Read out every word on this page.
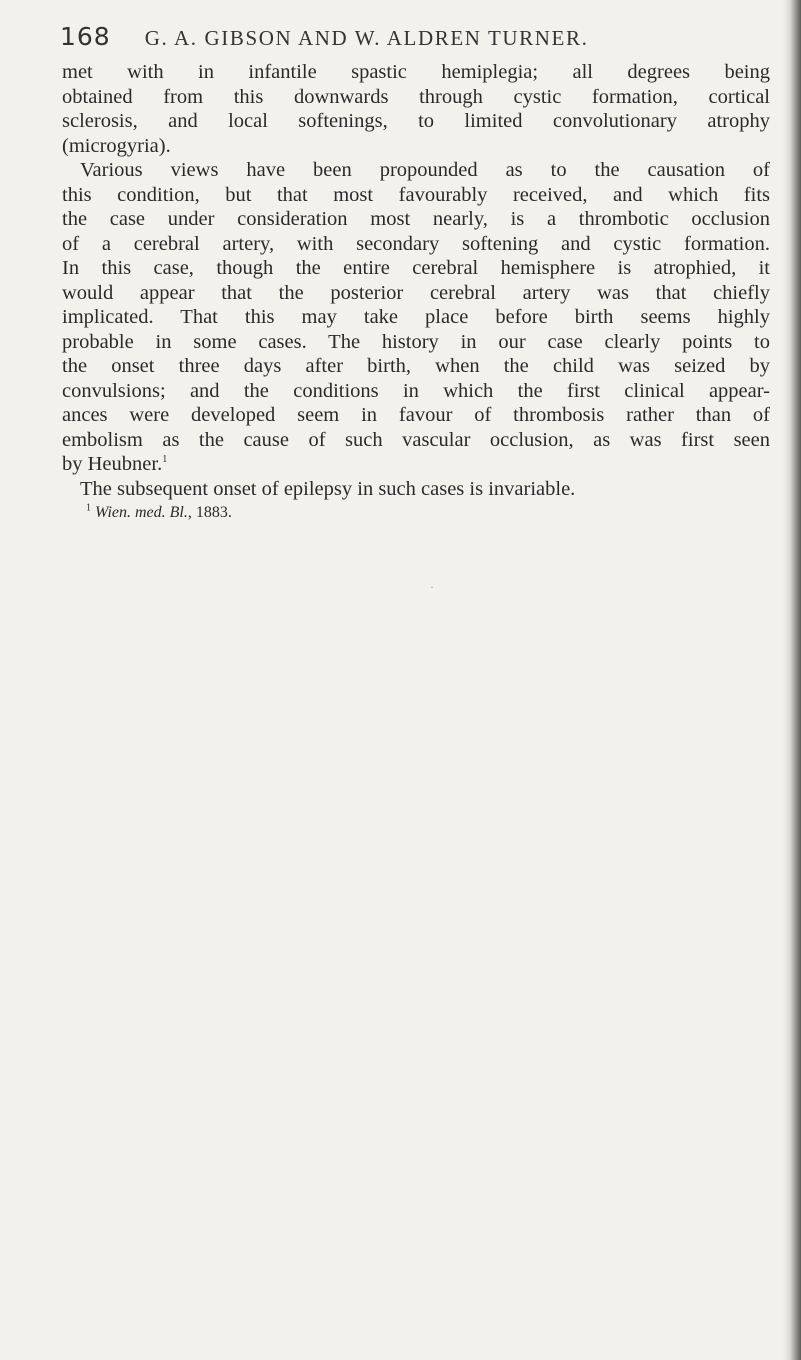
168 G. A. GIBSON AND W. ALDREN TURNER.
met with in infantile spastic hemiplegia; all degrees being
obtained from this downwards through cystic formation, cortical
sclerosis, and local softenings, to limited convolutionary atrophy
(microgyria).
Various views have been propounded as to the causation of
this condition, but that most favourably received, and which fits
the case under consideration most nearly, is a thrombotic occlusion
of a cerebral artery, with secondary softening and cystic formation.
In this case, though the entire cerebral hemisphere is atrophied, it
would appear that the posterior cerebral artery was that chiefly
implicated. That this may take place before birth seems highly
probable in some cases. The history in our case clearly points to
the onset three days after birth, when the child was seized by
convulsions; and the conditions in which the first clinical appear-
ances were developed seem in favour of thrombosis rather than of
embolism as the cause of such vascular occlusion, as was first seen
by Heubner.$^1$
The subsequent onset of epilepsy in such cases is invariable.
$^1$ Wien. med. Bl., 1883.
·
